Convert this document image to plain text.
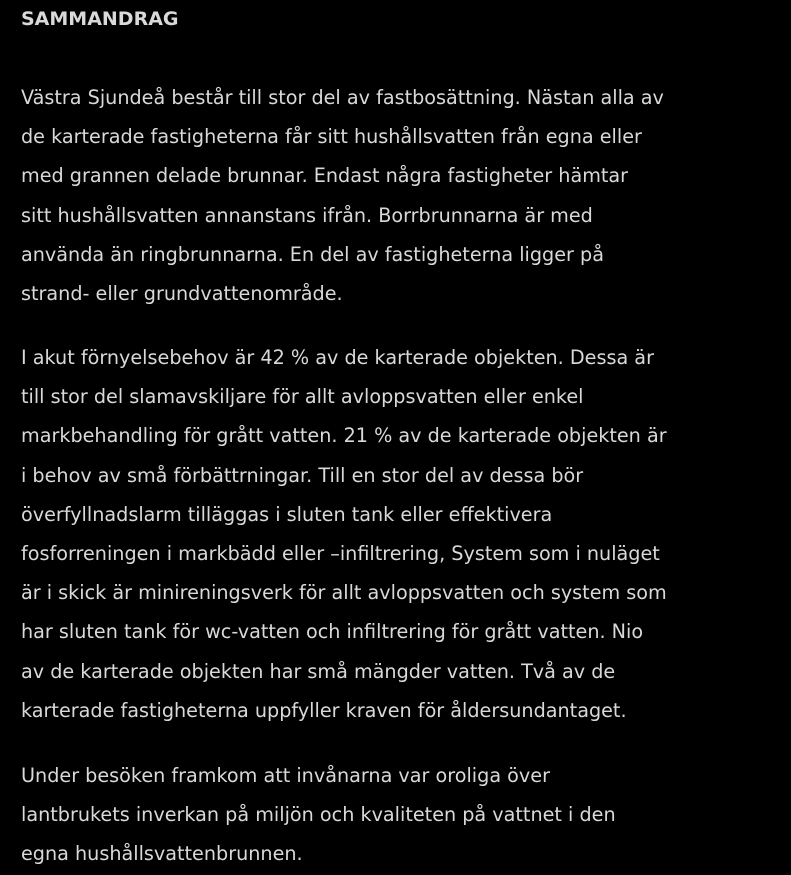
SAMMANDRAG

Västra Sjundeå består till stor del av fastbosättning. Nästan alla av
de karterade fastigheterna får sitt hushållsvatten från egna eller
med grannen delade brunnar. Endast några fastigheter hämtar
sitt hushållsvatten annanstans ifrån. Borrbrunnarna är med
använda än ringbrunnarna. En del av fastigheterna ligger på
strand- eller grundvattenområde.

I akut förnyelsebehov är 42 % av de karterade objekten. Dessa är
till stor del slamavskiljare för allt avloppsvatten eller enkel
markbehandling för grått vatten. 21 % av de karterade objekten är
i behov av små förbättrningar. Till en stor del av dessa bör
överfyllnadslarm tilläggas i sluten tank eller effektivera
fosforreningen i markbädd eller –infiltrering, System som i nuläget
är i skick är minireningsverk för allt avloppsvatten och system som
har sluten tank för wc-vatten och infiltrering för grått vatten. Nio
av de karterade objekten har små mängder vatten. Två av de
karterade fastigheterna uppfyller kraven för åldersundantaget.

Under besöken framkom att invånarna var oroliga över
lantbrukets inverkan på miljön och kvaliteten på vattnet i den
egna hushållsvattenbrunnen.
